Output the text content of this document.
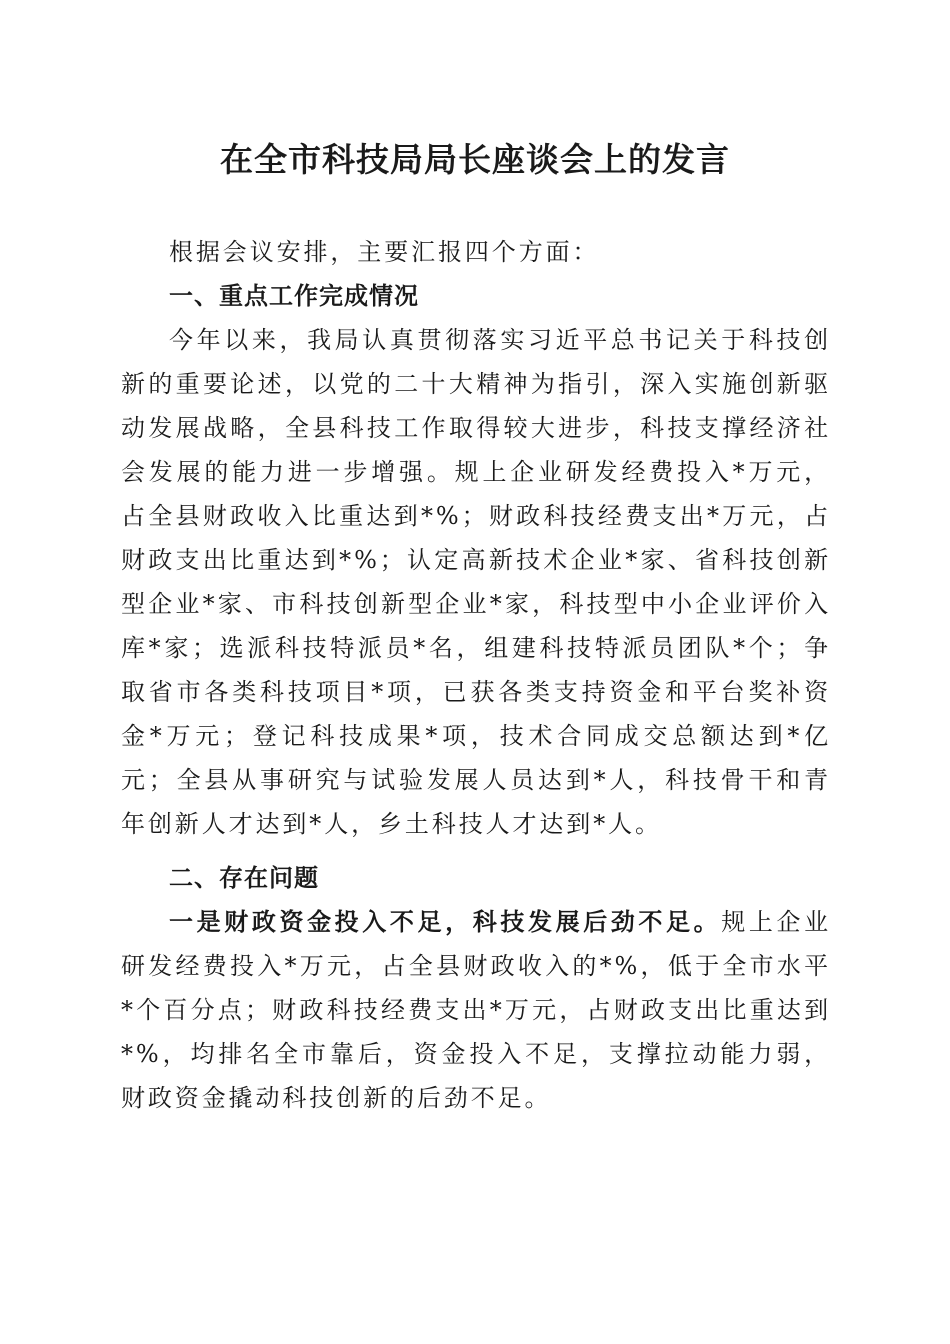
在全市科技局局长座谈会上的发言

根据会议安排，主要汇报四个方面：

一、重点工作完成情况

今年以来，我局认真贯彻落实习近平总书记关于科技创新的重要论述，以党的二十大精神为指引，深入实施创新驱动发展战略，全县科技工作取得较大进步，科技支撑经济社会发展的能力进一步增强。规上企业研发经费投入*万元，占全县财政收入比重达到*%；财政科技经费支出*万元，占财政支出比重达到*%；认定高新技术企业*家、省科技创新型企业*家、市科技创新型企业*家，科技型中小企业评价入库*家；选派科技特派员*名，组建科技特派员团队*个；争取省市各类科技项目*项，已获各类支持资金和平台奖补资金*万元；登记科技成果*项，技术合同成交总额达到*亿元；全县从事研究与试验发展人员达到*人，科技骨干和青年创新人才达到*人，乡土科技人才达到*人。

二、存在问题

一是财政资金投入不足，科技发展后劲不足。规上企业研发经费投入*万元，占全县财政收入的*%，低于全市水平*个百分点；财政科技经费支出*万元，占财政支出比重达到*%，均排名全市靠后，资金投入不足，支撑拉动能力弱，财政资金撬动科技创新的后劲不足。
